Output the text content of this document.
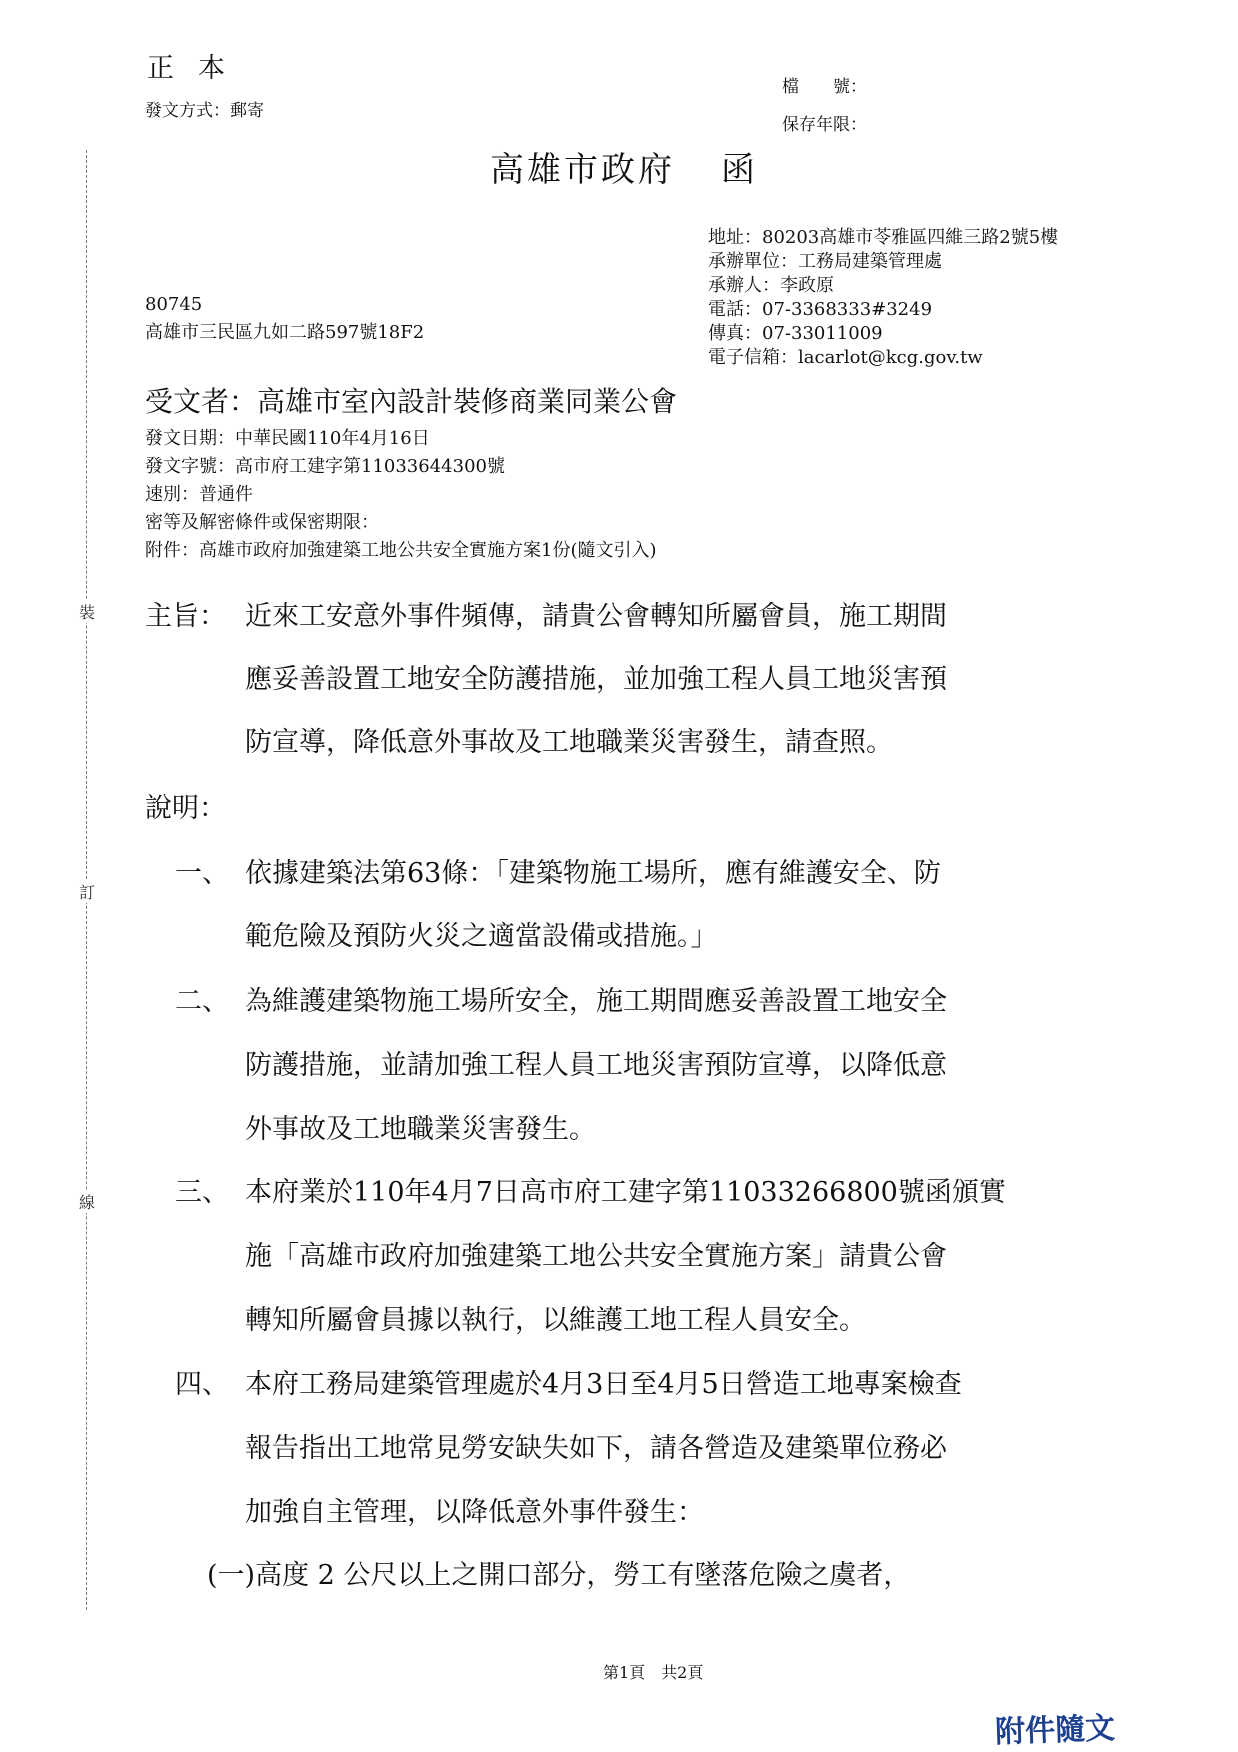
裝
訂
線
正本
發文方式：郵寄
檔　　號：
保存年限：
高雄市政府 函
地址：80203高雄市苓雅區四維三路2號5樓
承辦單位：工務局建築管理處
承辦人：李政原
電話：07-3368333#3249
傳真：07-33011009
電子信箱：lacarlot@kcg.gov.tw
80745
高雄市三民區九如二路597號18F2
受文者：高雄市室內設計裝修商業同業公會
發文日期：中華民國110年4月16日
發文字號：高市府工建字第11033644300號
速別：普通件
密等及解密條件或保密期限：
附件：高雄市政府加強建築工地公共安全實施方案1份(隨文引入)
主旨： 近來工安意外事件頻傳，請貴公會轉知所屬會員，施工期間
應妥善設置工地安全防護措施，並加強工程人員工地災害預
防宣導，降低意外事故及工地職業災害發生，請查照。
說明：
一、 依據建築法第63條：「建築物施工場所，應有維護安全、防
範危險及預防火災之適當設備或措施。」
二、 為維護建築物施工場所安全，施工期間應妥善設置工地安全
防護措施，並請加強工程人員工地災害預防宣導，以降低意
外事故及工地職業災害發生。
三、 本府業於110年4月7日高市府工建字第11033266800號函頒實
施「高雄市政府加強建築工地公共安全實施方案」請貴公會
轉知所屬會員據以執行，以維護工地工程人員安全。
四、 本府工務局建築管理處於4月3日至4月5日營造工地專案檢查
報告指出工地常見勞安缺失如下，請各營造及建築單位務必
加強自主管理，以降低意外事件發生：
(一)高度 2 公尺以上之開口部分，勞工有墜落危險之虞者，
第1頁　共2頁
附件隨文
